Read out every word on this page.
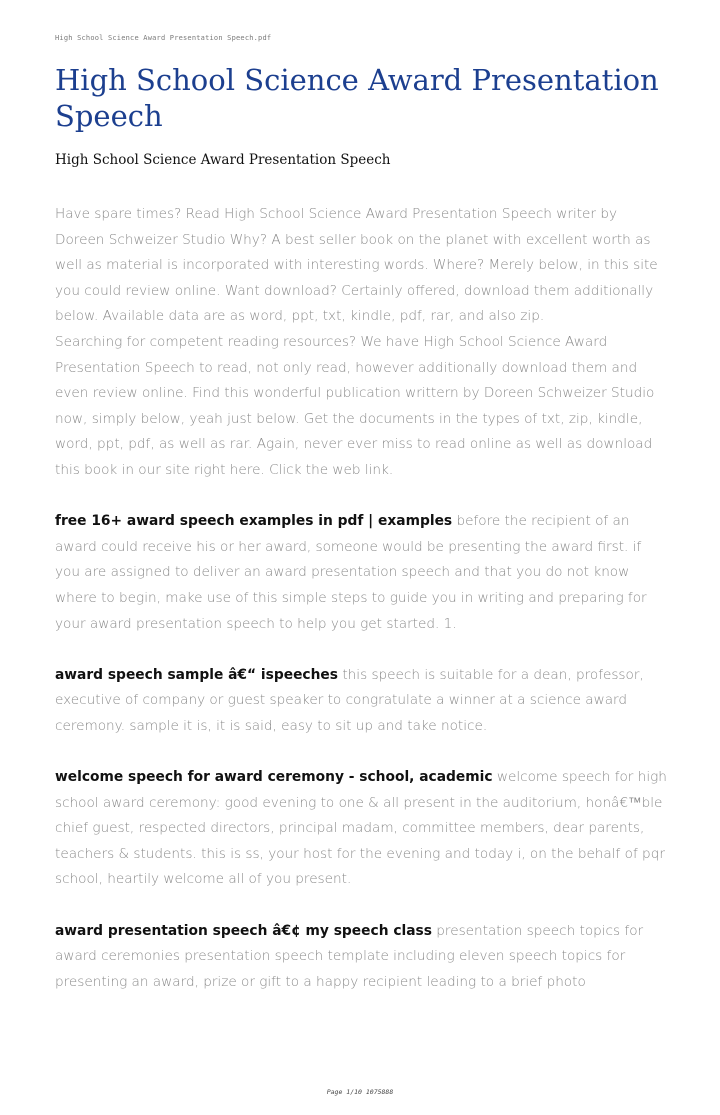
High School Science Award Presentation Speech.pdf
High School Science Award Presentation Speech
High School Science Award Presentation Speech

Have spare times? Read High School Science Award Presentation Speech writer by Doreen Schweizer Studio Why? A best seller book on the planet with excellent worth as well as material is incorporated with interesting words. Where? Merely below, in this site you could review online. Want download? Certainly offered, download them additionally below. Available data are as word, ppt, txt, kindle, pdf, rar, and also zip.

Searching for competent reading resources? We have High School Science Award Presentation Speech to read, not only read, however additionally download them and even review online. Find this wonderful publication writtern by Doreen Schweizer Studio now, simply below, yeah just below. Get the documents in the types of txt, zip, kindle, word, ppt, pdf, as well as rar. Again, never ever miss to read online as well as download this book in our site right here. Click the web link.

free 16+ award speech examples in pdf | examples before the recipient of an award could receive his or her award, someone would be presenting the award first. if you are assigned to deliver an award presentation speech and that you do not know where to begin, make use of this simple steps to guide you in writing and preparing for your award presentation speech to help you get started. 1.

award speech sample â€“ ispeeches this speech is suitable for a dean, professor, executive of company or guest speaker to congratulate a winner at a science award ceremony. sample it is, it is said, easy to sit up and take notice.

welcome speech for award ceremony - school, academic welcome speech for high school award ceremony: good evening to one & all present in the auditorium, honâ€™ble chief guest, respected directors, principal madam, committee members, dear parents, teachers & students. this is ss, your host for the evening and today i, on the behalf of pqr school, heartily welcome all of you present.

award presentation speech â€¢ my speech class presentation speech topics for award ceremonies presentation speech template including eleven speech topics for presenting an award, prize or gift to a happy recipient leading to a brief photo

Page 1/10 1075888
